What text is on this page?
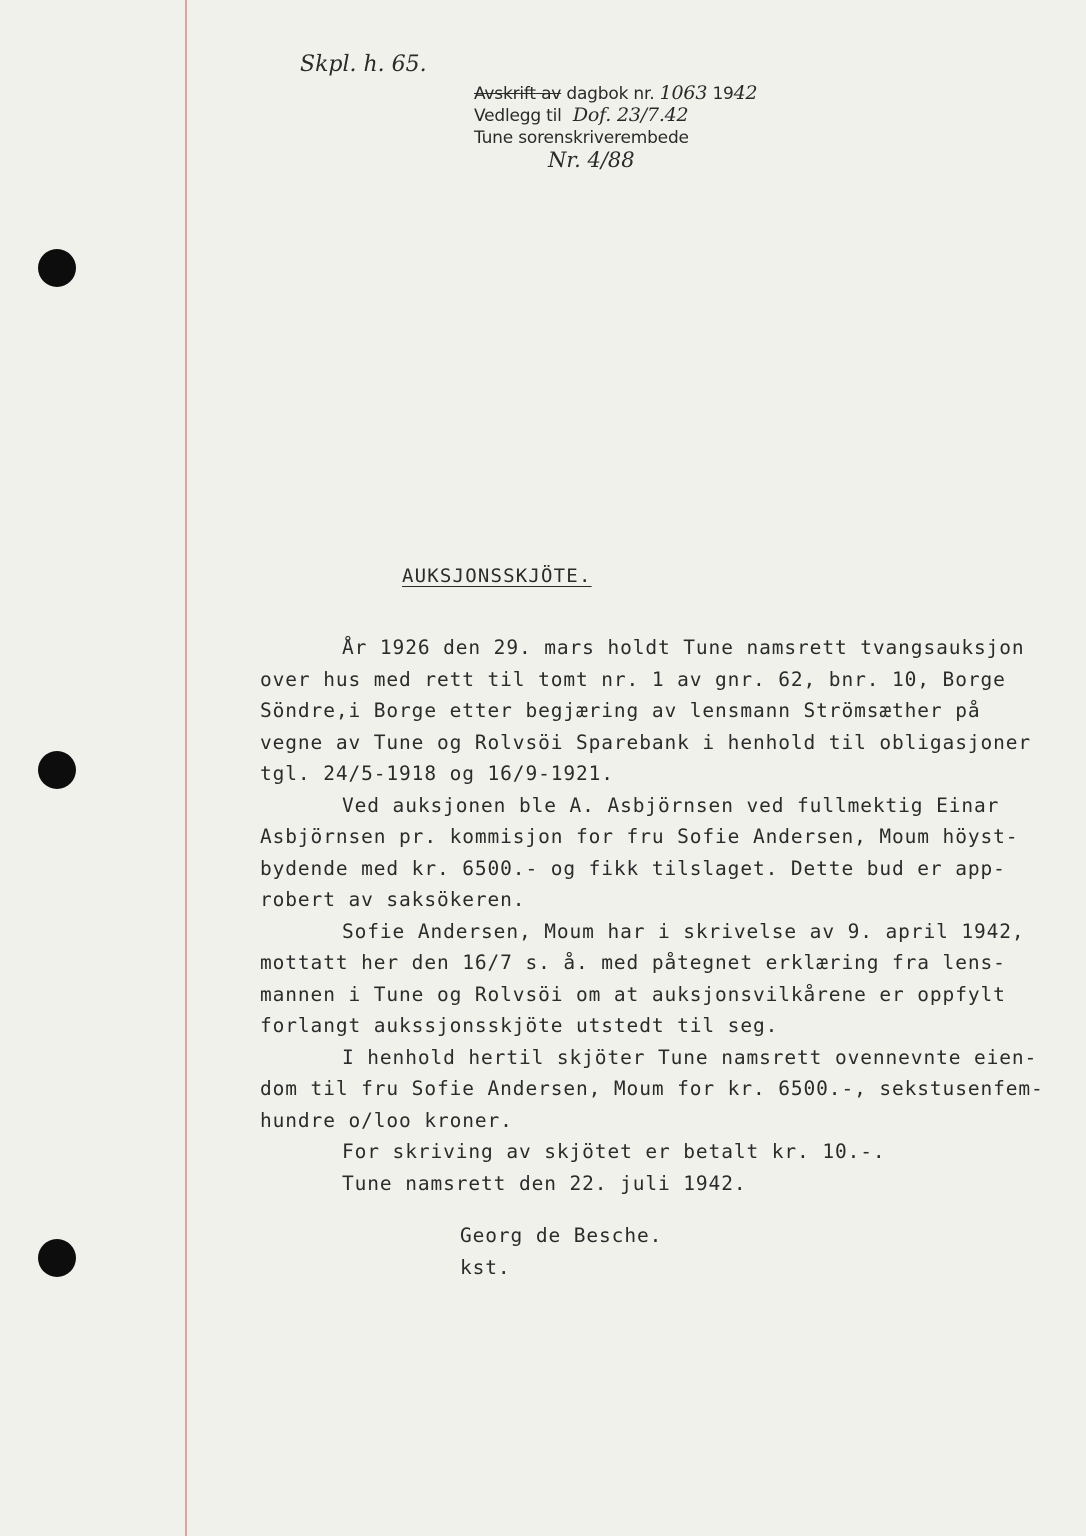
Skpl. h. 65.
Avskrift av dagbok nr. 1063 1942
Vedlegg til Dof. 23/7.42
Tune sorenskriverembede
Nr. 4/88
AUKSJONSSKJÖTE.
År 1926 den 29. mars holdt Tune namsrett tvangsauksjon
over hus med rett til tomt nr. 1 av gnr. 62, bnr. 10, Borge
Söndre,i Borge etter begjæring av lensmann Strömsæther på
vegne av Tune og Rolvsöi Sparebank i henhold til obligasjoner
tgl. 24/5-1918 og 16/9-1921.
Ved auksjonen ble A. Asbjörnsen ved fullmektig Einar
Asbjörnsen pr. kommisjon for fru Sofie Andersen, Moum höyst-
bydende med kr. 6500.- og fikk tilslaget. Dette bud er app-
robert av saksökeren.
Sofie Andersen, Moum har i skrivelse av 9. april 1942,
mottatt her den 16/7 s. å. med påtegnet erklæring fra lens-
mannen i Tune og Rolvsöi om at auksjonsvilkårene er oppfylt
forlangt aukssjonsskjöte utstedt til seg.
I henhold hertil skjöter Tune namsrett ovennevnte eien-
dom til fru Sofie Andersen, Moum for kr. 6500.-, sekstusenfem-
hundre o/loo kroner.
For skriving av skjötet er betalt kr. 10.-.
Tune namsrett den 22. juli 1942.
Georg de Besche.
kst.
